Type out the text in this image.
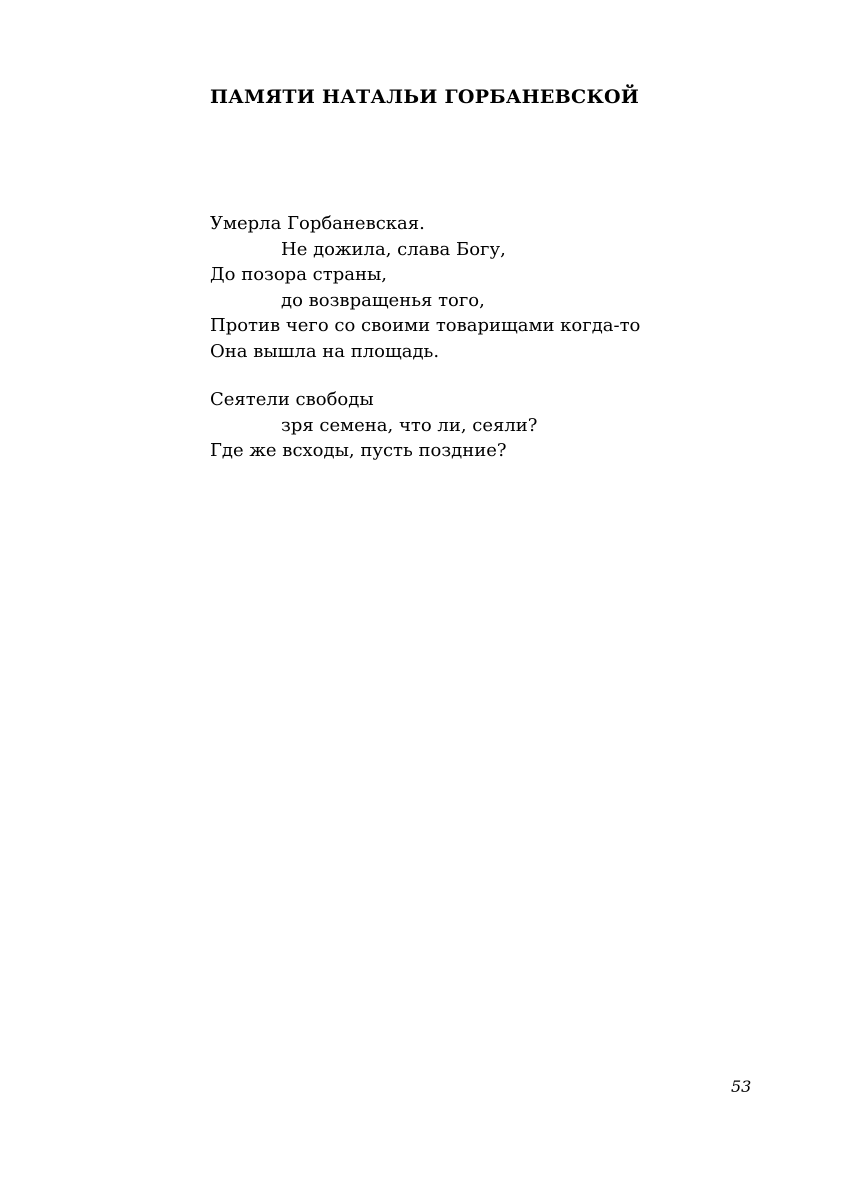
ПАМЯТИ НАТАЛЬИ ГОРБАНЕВСКОЙ
Умерла Горбаневская.
Не дожила, слава Богу,
До позора страны,
до возвращенья того,
Против чего со своими товарищами когда-то
Она вышла на площадь.
Сеятели свободы
зря семена, что ли, сеяли?
Где же всходы, пусть поздние?
53
